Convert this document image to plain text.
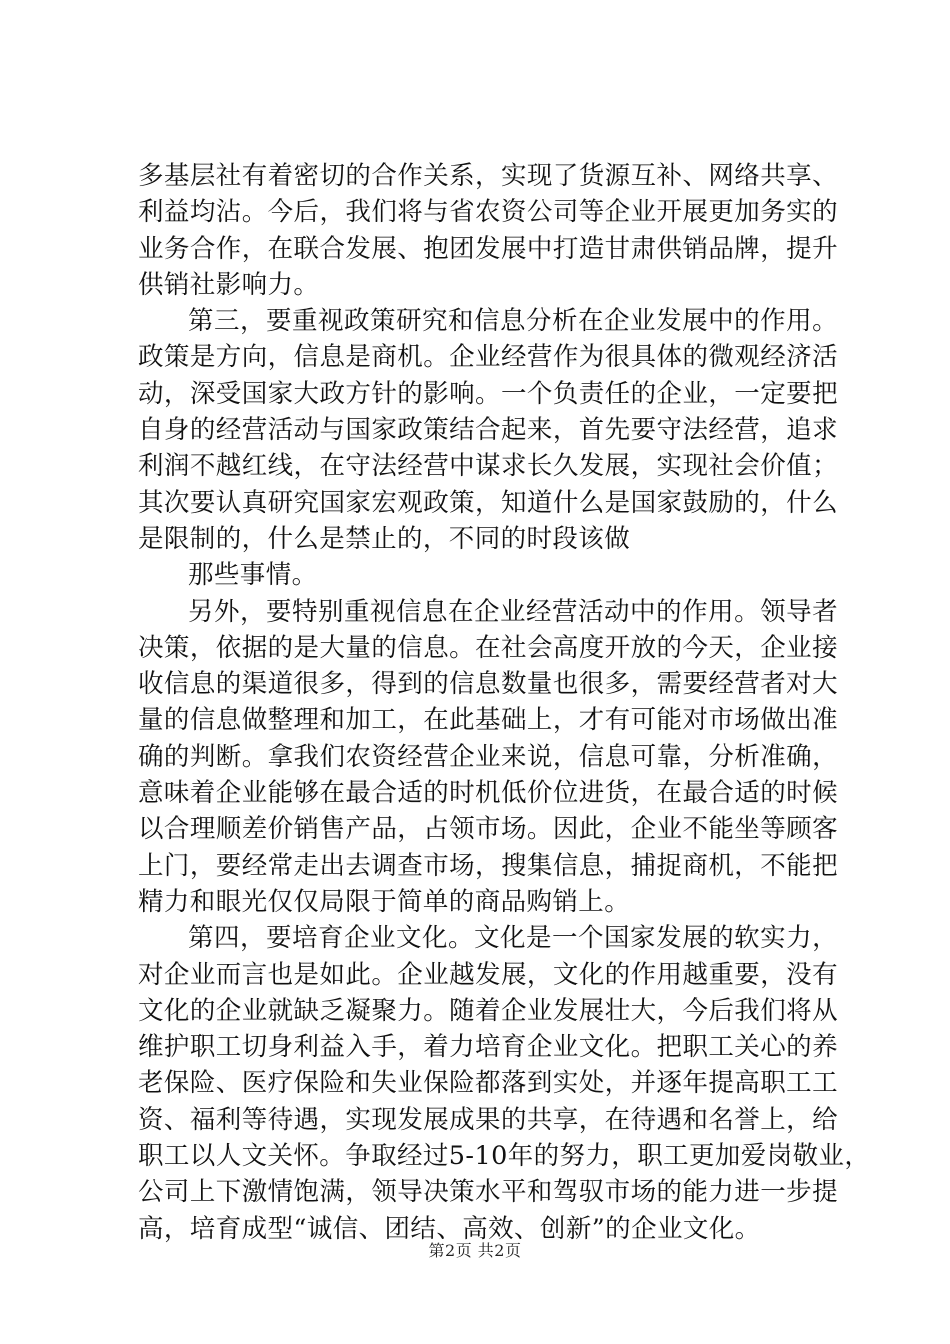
多基层社有着密切的合作关系，实现了货源互补、网络共享、
利益均沾。今后，我们将与省农资公司等企业开展更加务实的
业务合作，在联合发展、抱团发展中打造甘肃供销品牌，提升
供销社影响力。

第三，要重视政策研究和信息分析在企业发展中的作用。
政策是方向，信息是商机。企业经营作为很具体的微观经济活
动，深受国家大政方针的影响。一个负责任的企业，一定要把
自身的经营活动与国家政策结合起来，首先要守法经营，追求
利润不越红线，在守法经营中谋求长久发展，实现社会价值；
其次要认真研究国家宏观政策，知道什么是国家鼓励的，什么
是限制的，什么是禁止的，不同的时段该做

那些事情。

另外，要特别重视信息在企业经营活动中的作用。领导者
决策，依据的是大量的信息。在社会高度开放的今天，企业接
收信息的渠道很多，得到的信息数量也很多，需要经营者对大
量的信息做整理和加工，在此基础上，才有可能对市场做出准
确的判断。拿我们农资经营企业来说，信息可靠，分析准确，
意味着企业能够在最合适的时机低价位进货，在最合适的时候
以合理顺差价销售产品，占领市场。因此，企业不能坐等顾客
上门，要经常走出去调查市场，搜集信息，捕捉商机，不能把
精力和眼光仅仅局限于简单的商品购销上。

第四，要培育企业文化。文化是一个国家发展的软实力，
对企业而言也是如此。企业越发展，文化的作用越重要，没有
文化的企业就缺乏凝聚力。随着企业发展壮大，今后我们将从
维护职工切身利益入手，着力培育企业文化。把职工关心的养
老保险、医疗保险和失业保险都落到实处，并逐年提高职工工
资、福利等待遇，实现发展成果的共享，在待遇和名誉上，给
职工以人文关怀。争取经过5-10年的努力，职工更加爱岗敬业，
公司上下激情饱满，领导决策水平和驾驭市场的能力进一步提
高，培育成型“诚信、团结、高效、创新”的企业文化。

第2页 共2页
